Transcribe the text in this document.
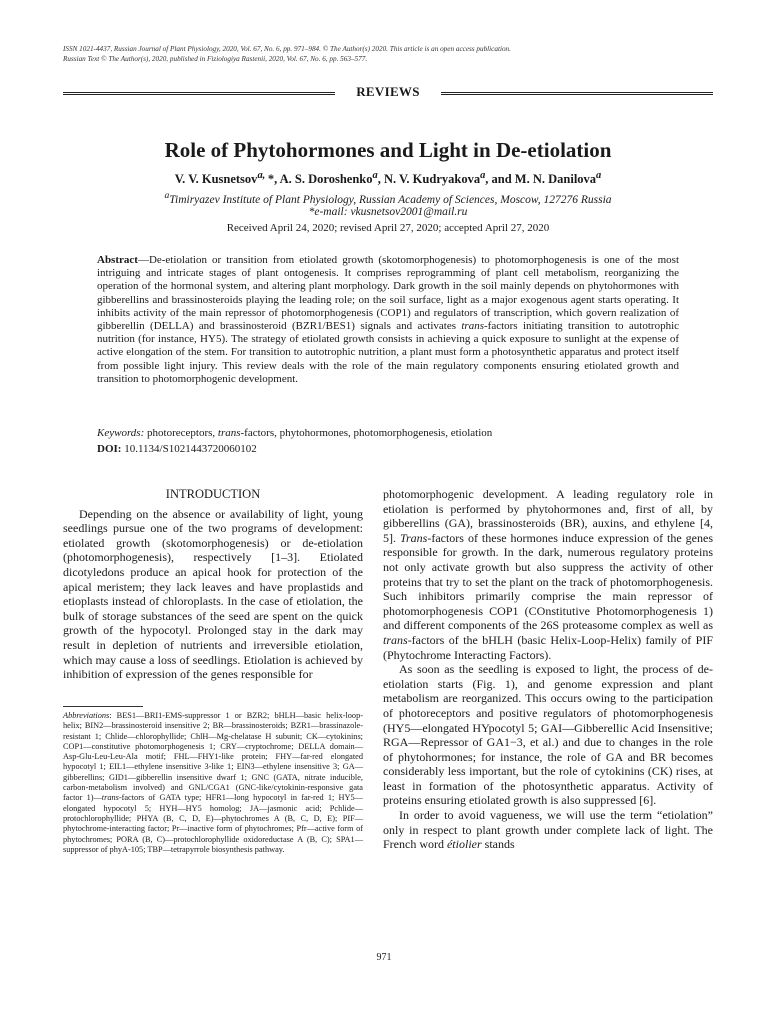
ISSN 1021-4437, Russian Journal of Plant Physiology, 2020, Vol. 67, No. 6, pp. 971–984. © The Author(s) 2020. This article is an open access publication.
Russian Text © The Author(s), 2020, published in Fiziologiya Rastenii, 2020, Vol. 67, No. 6, pp. 563–577.
REVIEWS
Role of Phytohormones and Light in De-etiolation
V. V. Kusnetsov$^{a,}$ *, A. S. Doroshenko$^a$, N. V. Kudryakova$^a$, and M. N. Danilova$^a$
$^a$Timiryazev Institute of Plant Physiology, Russian Academy of Sciences, Moscow, 127276 Russia
*e-mail: vkusnetsov2001@mail.ru
Received April 24, 2020; revised April 27, 2020; accepted April 27, 2020
Abstract—De-etiolation or transition from etiolated growth (skotomorphogenesis) to photomorphogenesis is one of the most intriguing and intricate stages of plant ontogenesis. It comprises reprogramming of plant cell metabolism, reorganizing the operation of the hormonal system, and altering plant morphology. Dark growth in the soil mainly depends on phytohormones with gibberellins and brassinosteroids playing the leading role; on the soil surface, light as a major exogenous agent starts operating. It inhibits activity of the main repressor of photomorphogenesis (COP1) and regulators of transcription, which govern realization of gibberellin (DELLA) and brassinosteroid (BZR1/BES1) signals and activates trans-factors initiating transition to autotrophic nutrition (for instance, HY5). The strategy of etiolated growth consists in achieving a quick exposure to sunlight at the expense of active elongation of the stem. For transition to autotrophic nutrition, a plant must form a photosynthetic apparatus and protect itself from possible light injury. This review deals with the role of the main regulatory components ensuring etiolated growth and transition to photomorphogenic development.
Keywords: photoreceptors, trans-factors, phytohormones, photomorphogenesis, etiolation
DOI: 10.1134/S1021443720060102
INTRODUCTION

Depending on the absence or availability of light, young seedlings pursue one of the two programs of development: etiolated growth (skotomorphogenesis) or de-etiolation (photomorphogenesis), respectively [1–3]. Etiolated dicotyledons produce an apical hook for protection of the apical meristem; they lack leaves and have proplastids and etioplasts instead of chloroplasts. In the case of etiolation, the bulk of storage substances of the seed are spent on the quick growth of the hypocotyl. Prolonged stay in the dark may result in depletion of nutrients and irreversible etiolation, which may cause a loss of seedlings. Etiolation is achieved by inhibition of expression of the genes responsible for

photomorphogenic development. A leading regulatory role in etiolation is performed by phytohormones and, first of all, by gibberellins (GA), brassinosteroids (BR), auxins, and ethylene [4, 5]. Trans-factors of these hormones induce expression of the genes responsible for growth. In the dark, numerous regulatory proteins not only activate growth but also suppress the activity of other proteins that try to set the plant on the track of photomorphogenesis. Such inhibitors primarily comprise the main repressor of photomorphogenesis COP1 (COnstitutive Photomorphogenesis 1) and different components of the 26S proteasome complex as well as trans-factors of the bHLH (basic Helix-Loop-Helix) family of PIF (Phytochrome Interacting Factors).

As soon as the seedling is exposed to light, the process of de-etiolation starts (Fig. 1), and genome expression and plant metabolism are reorganized. This occurs owing to the participation of photoreceptors and positive regulators of photomorphogenesis (HY5—elongated HYpocotyl 5; GAI—Gibberellic Acid Insensitive; RGA—Repressor of GA1−3, et al.) and due to changes in the role of phytohormones; for instance, the role of GA and BR becomes considerably less important, but the role of cytokinins (CK) rises, at least in formation of the photosynthetic apparatus. Activity of proteins ensuring etiolated growth is also suppressed [6].

In order to avoid vagueness, we will use the term “etiolation” only in respect to plant growth under complete lack of light. The French word étiolier stands

Abbreviations: BES1—BRI1-EMS-suppressor 1 or BZR2; bHLH—basic helix-loop-helix; BIN2—brassinosteroid insensitive 2; BR—brassinosteroids; BZR1—brassinazole-resistant 1; Chlide—chlorophyllide; ChlH—Mg-chelatase H subunit; CK—cytokinins; COP1—constitutive photomorphogenesis 1; CRY—cryptochrome; DELLA domain—Asp-Glu-Leu-Leu-Ala motif; FHL—FHY1-like protein; FHY—far-red elongated hypocotyl 1; EIL1—ethylene insensitive 3-like 1; EIN3—ethylene insensitive 3; GA—gibberellins; GID1—gibberellin insensitive dwarf 1; GNC (GATA, nitrate inducible, carbon-metabolism involved) and GNL/CGA1 (GNC-like/cytokinin-responsive gata factor 1)—trans-factors of GATA type; HFR1—long hypocotyl in far-red 1; HY5—elongated hypocotyl 5; HYH—HY5 homolog; JA—jasmonic acid; Pchlide—protochlorophyllide; PHYA (B, C, D, E)—phytochromes A (B, C, D, E); PIF—phytochrome-interacting factor; Pr—inactive form of phytochromes; Pfr—active form of phytochromes; PORA (B, C)—protochlorophyllide oxidoreductase A (B, C); SPA1—suppressor of phyA-105; TBP—tetrapyrrole biosynthesis pathway.
971
